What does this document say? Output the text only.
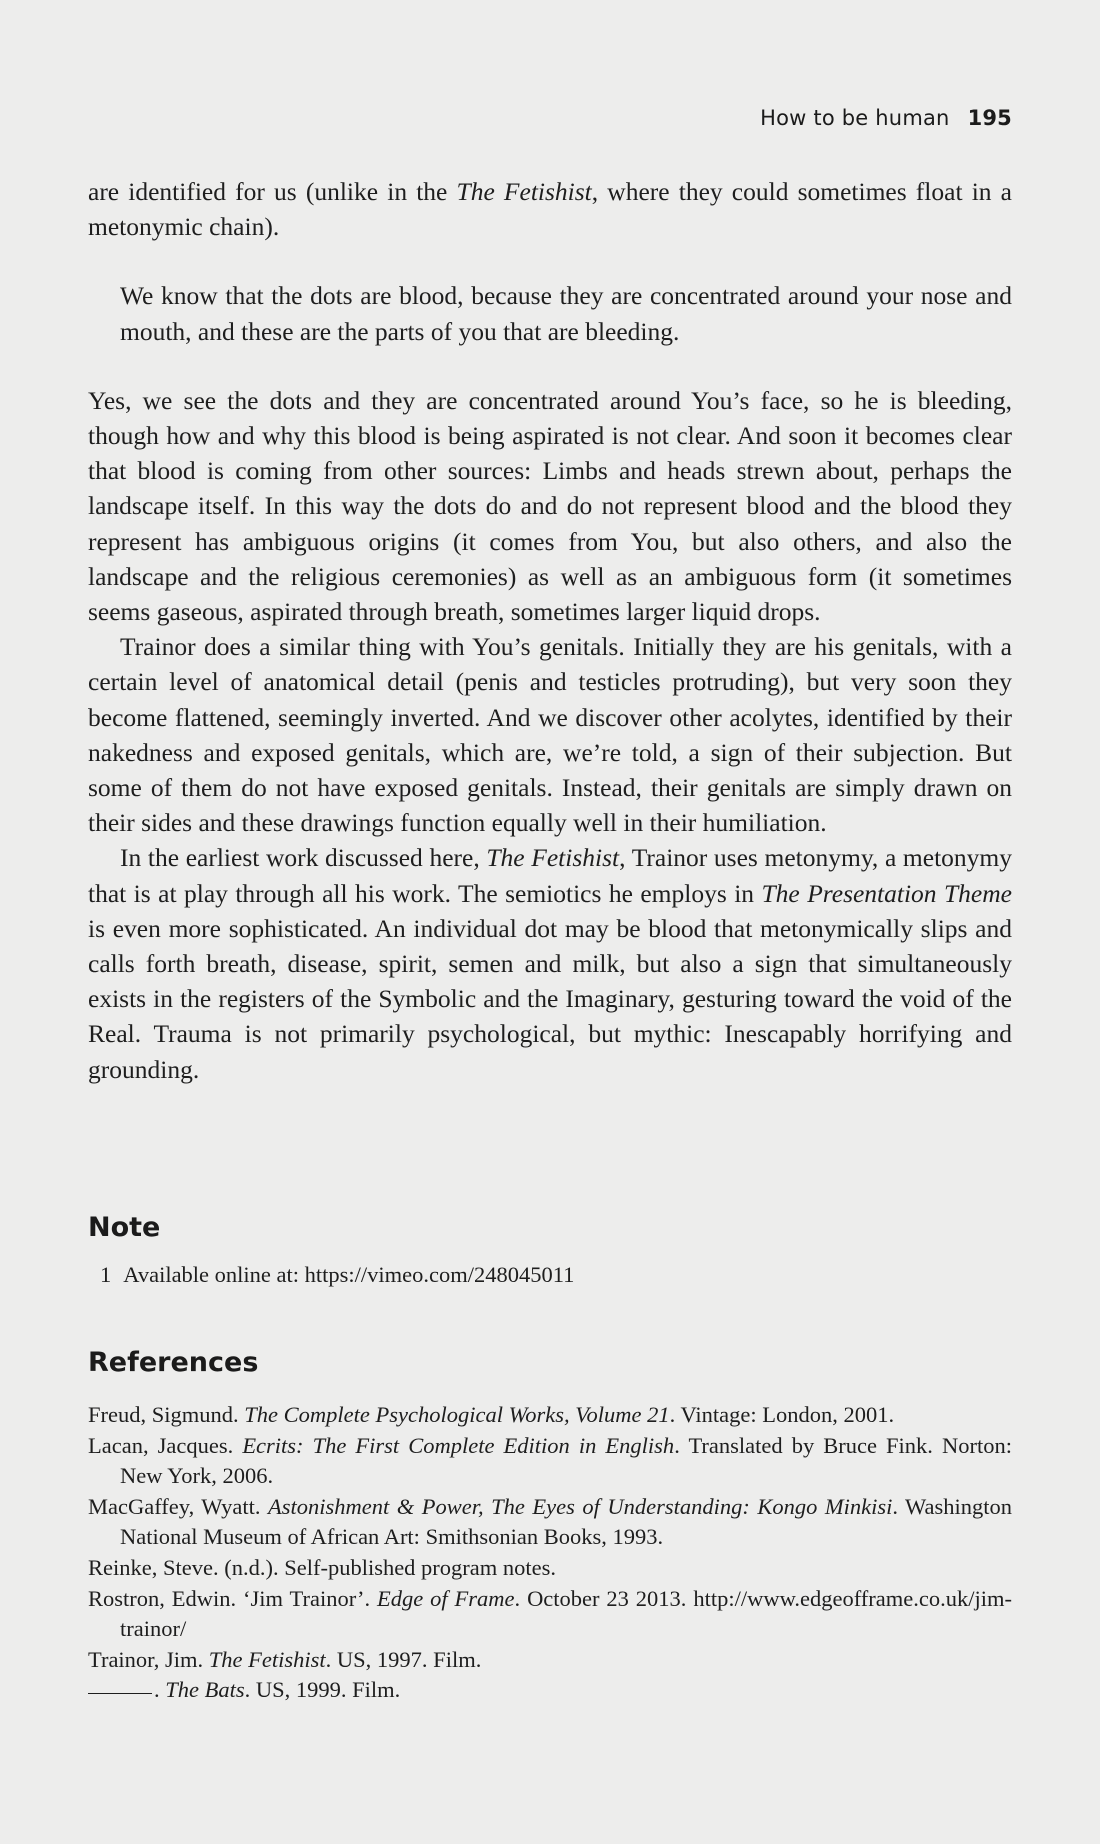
How to be human 195

are identified for us (unlike in the The Fetishist, where they could sometimes float in a metonymic chain).

We know that the dots are blood, because they are concentrated around your nose and mouth, and these are the parts of you that are bleeding.

Yes, we see the dots and they are concentrated around You’s face, so he is bleeding, though how and why this blood is being aspirated is not clear. And soon it becomes clear that blood is coming from other sources: Limbs and heads strewn about, perhaps the landscape itself. In this way the dots do and do not represent blood and the blood they represent has ambiguous origins (it comes from You, but also others, and also the landscape and the religious ceremonies) as well as an ambiguous form (it sometimes seems gaseous, aspirated through breath, sometimes larger liquid drops.

Trainor does a similar thing with You’s genitals. Initially they are his genitals, with a certain level of anatomical detail (penis and testicles protruding), but very soon they become flattened, seemingly inverted. And we discover other acolytes, identified by their nakedness and exposed genitals, which are, we’re told, a sign of their subjection. But some of them do not have exposed genitals. Instead, their genitals are simply drawn on their sides and these drawings function equally well in their humiliation.

In the earliest work discussed here, The Fetishist, Trainor uses metonymy, a metonymy that is at play through all his work. The semiotics he employs in The Presentation Theme is even more sophisticated. An individual dot may be blood that metonymically slips and calls forth breath, disease, spirit, semen and milk, but also a sign that simultaneously exists in the registers of the Symbolic and the Imaginary, gesturing toward the void of the Real. Trauma is not primarily psychological, but mythic: Inescapably horrifying and grounding.

Note
1 Available online at: https://vimeo.com/248045011
References
Freud, Sigmund. The Complete Psychological Works, Volume 21. Vintage: London, 2001.
Lacan, Jacques. Ecrits: The First Complete Edition in English. Translated by Bruce Fink. Norton: New York, 2006.
MacGaffey, Wyatt. Astonishment & Power, The Eyes of Understanding: Kongo Minkisi. Washington National Museum of African Art: Smithsonian Books, 1993.
Reinke, Steve. (n.d.). Self-published program notes.
Rostron, Edwin. ‘Jim Trainor’. Edge of Frame. October 23 2013. http://www.edgeofframe.co.uk/jim-trainor/
Trainor, Jim. The Fetishist. US, 1997. Film.
. The Bats. US, 1999. Film.
